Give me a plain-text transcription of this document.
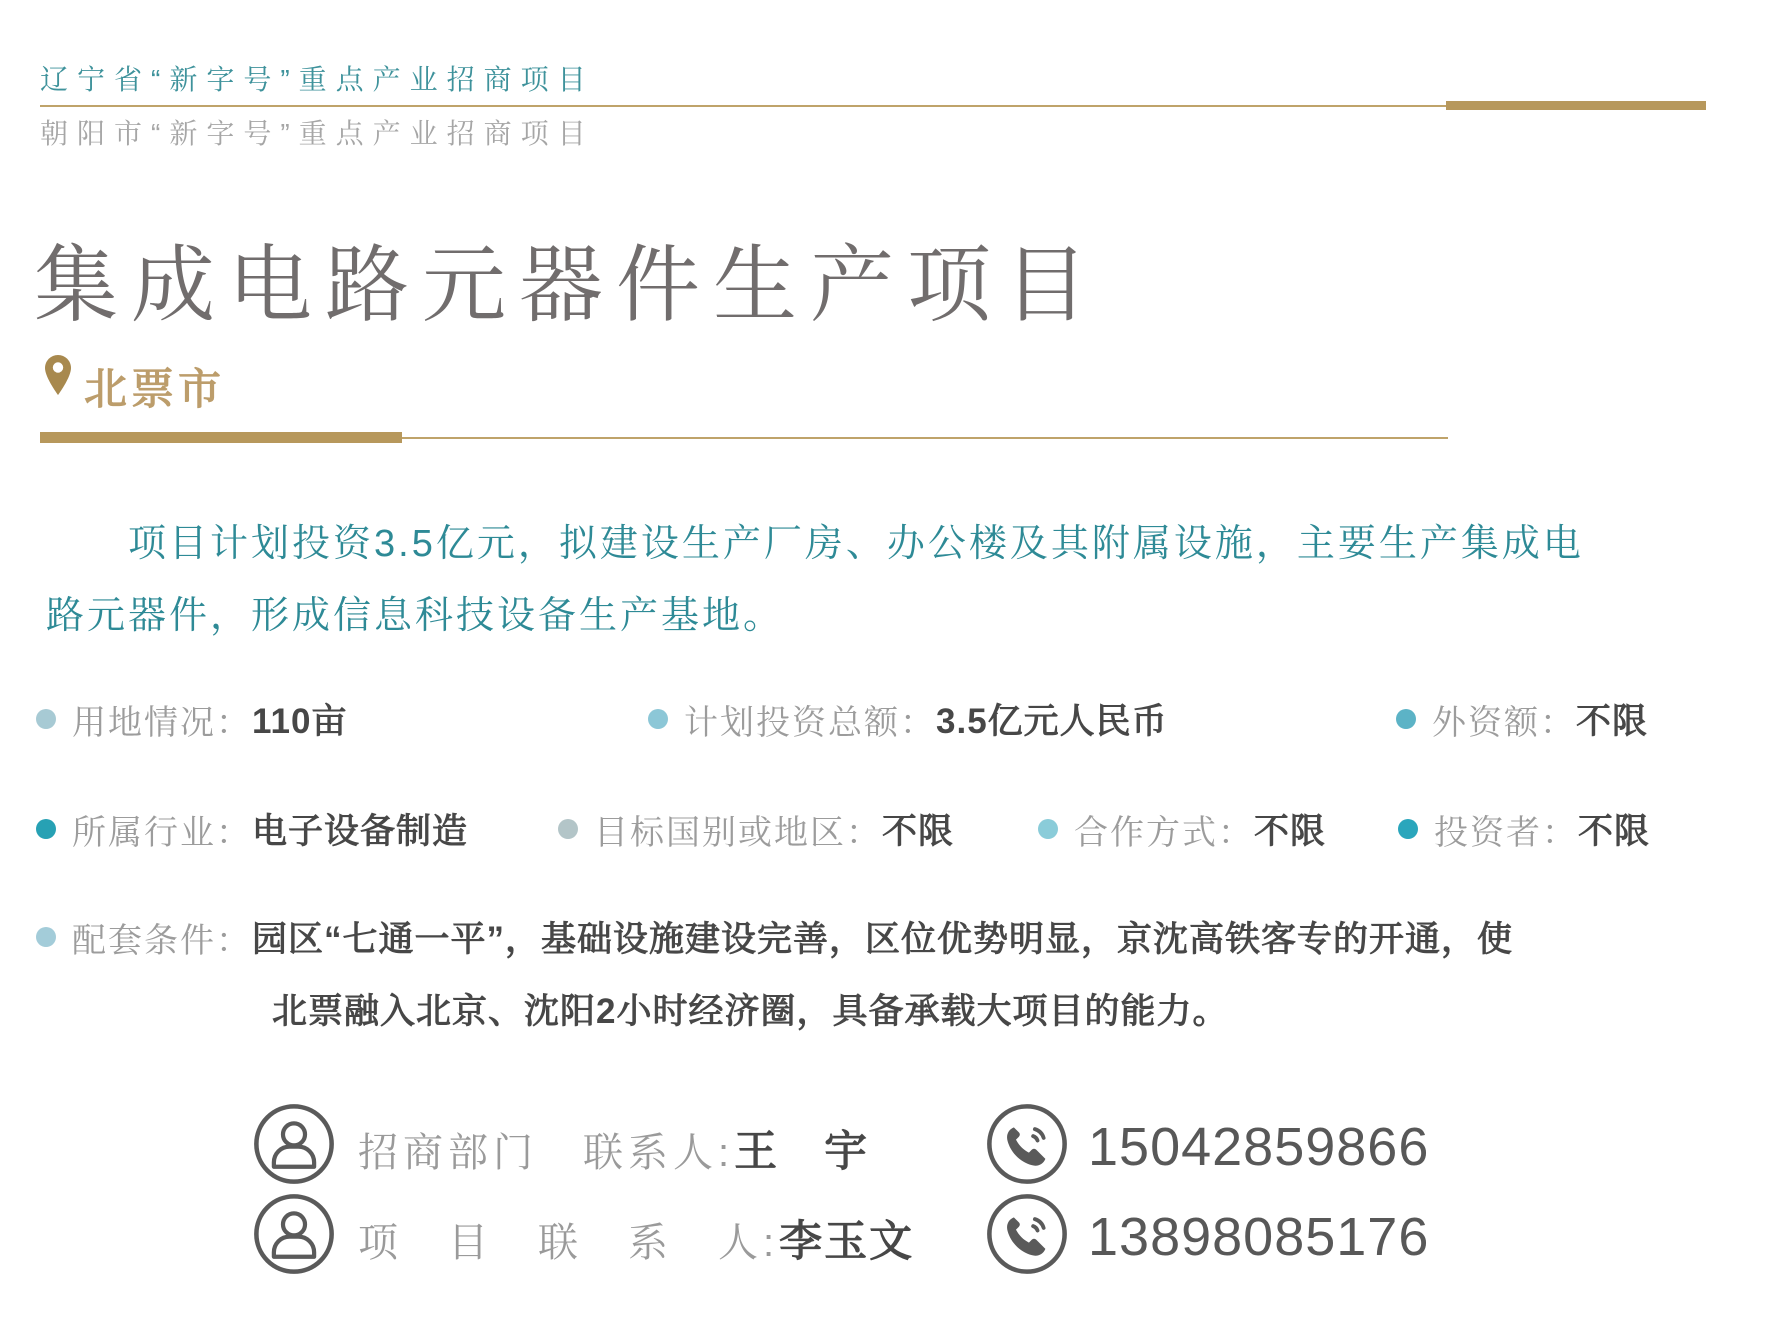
辽宁省“新字号”重点产业招商项目
朝阳市“新字号”重点产业招商项目
集成电路元器件生产项目
北票市
项目计划投资3.5亿元，拟建设生产厂房、办公楼及其附属设施，主要生产集成电
路元器件，形成信息科技设备生产基地。
用地情况： 110亩	计划投资总额： 3.5亿元人民币	外资额： 不限
所属行业： 电子设备制造	目标国别或地区： 不限	合作方式： 不限	投资者： 不限
配套条件： 园区“七通一平”，基础设施建设完善，区位优势明显，京沈高铁客专的开通，使
北票融入北京、沈阳2小时经济圈，具备承载大项目的能力。
招商部门　联系人: 王　宇	15042859866
项　目　联　系　人: 李玉文	13898085176
